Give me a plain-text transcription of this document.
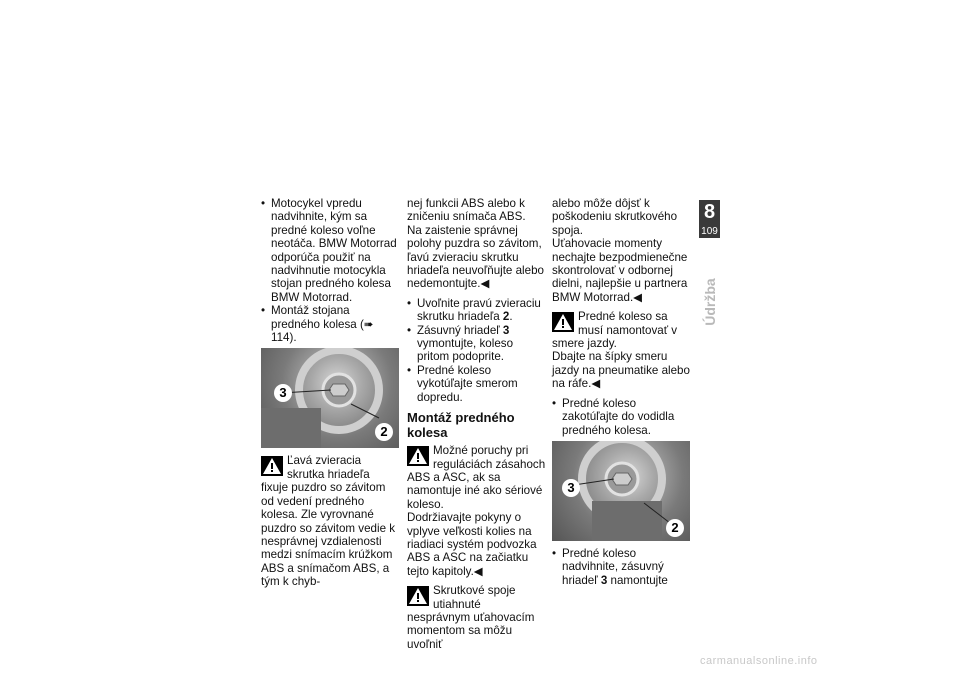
• Motocykel vpredu nadvihnite, kým sa predné koleso voľne neotáča. BMW Motorrad odporúča použiť na nadvihnutie motocykla stojan predného kolesa BMW Motorrad.

• Montáž stojana predného kolesa (➠ 114).

3
2

Ľavá zvieracia skrutka hriadeľa fixuje puzdro so závitom od vedení predného kolesa. Zle vyrovnané puzdro so závitom vedie k nesprávnej vzdialenosti medzi snímacím krúžkom ABS a snímačom ABS, a tým k chyb-

nej funkcii ABS alebo k zničeniu snímača ABS.

Na zaistenie správnej polohy puzdra so závitom, ľavú zvieraciu skrutku hriadeľa neuvoľňujte alebo nedemontujte.◀

• Uvoľnite pravú zvieraciu skrutku hriadeľa 2.

• Zásuvný hriadeľ 3 vymontujte, koleso pritom podoprite.

• Predné koleso vykotúľajte smerom dopredu.

Montáž predného kolesa

Možné poruchy pri reguláciách zásahoch ABS a ASC, ak sa namontuje iné ako sériové koleso.

Dodržiavajte pokyny o vplyve veľkosti kolies na riadiaci systém podvozka ABS a ASC na začiatku tejto kapitoly.◀

Skrutkové spoje utiahnuté nesprávnym uťahovacím momentom sa môžu uvoľniť

alebo môže dôjsť k poškodeniu skrutkového spoja.

Uťahovacie momenty nechajte bezpodmienečne skontrolovať v odbornej dielni, najlepšie u partnera BMW Motorrad.◀

Predné koleso sa musí namontovať v smere jazdy.

Dbajte na šípky smeru jazdy na pneumatike alebo na ráfe.◀

• Predné koleso zakotúľajte do vodidla predného kolesa.

3
2

• Predné koleso nadvihnite, zásuvný hriadeľ 3 namontujte

8
109
Údržba
carmanualsonline.info
